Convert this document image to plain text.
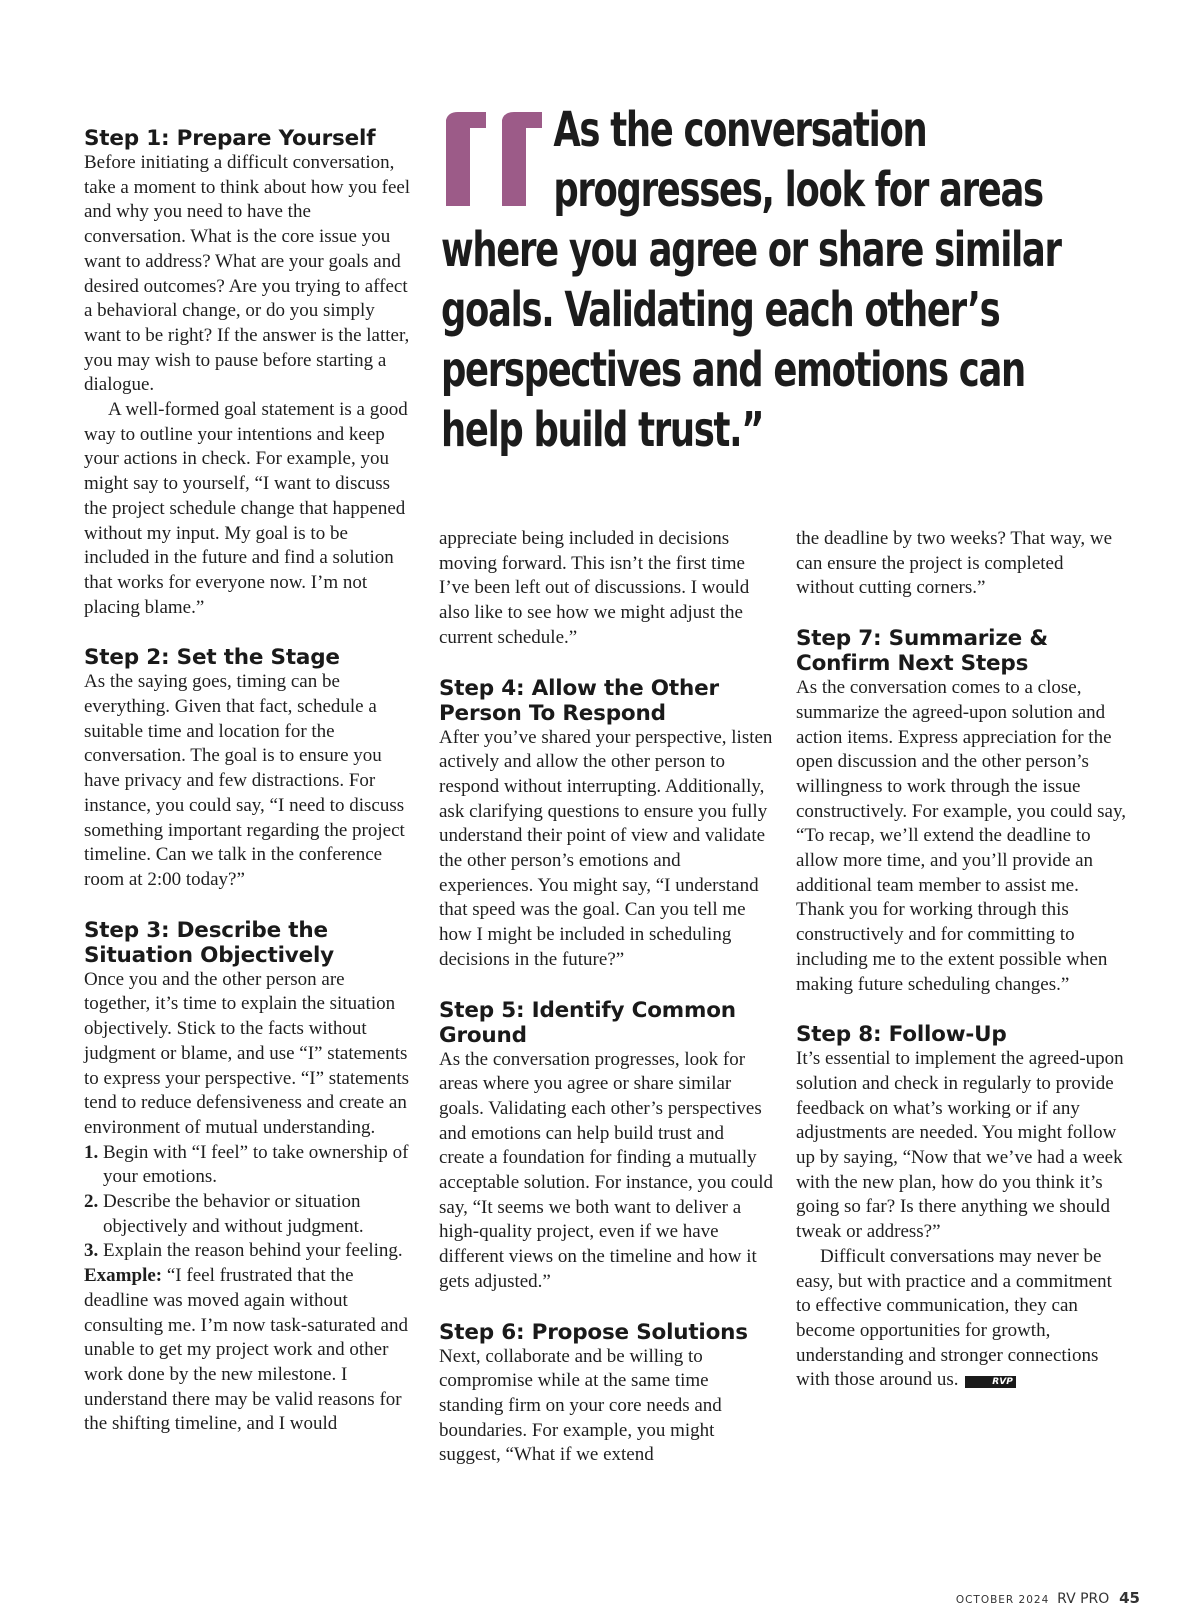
As the conversation
progresses, look for areas
where you agree or share similar
goals. Validating each other’s
perspectives and emotions can
help build trust.”
Step 1: Prepare Yourself

Before initiating a difficult conversation, take a moment to think about how you feel and why you need to have the conversation. What is the core issue you want to address? What are your goals and desired outcomes? Are you trying to affect a behavioral change, or do you simply want to be right? If the answer is the latter, you may wish to pause before starting a dialogue.

A well-formed goal statement is a good way to outline your intentions and keep your actions in check. For example, you might say to yourself, “I want to discuss the project schedule change that happened without my input. My goal is to be included in the future and find a solution that works for everyone now. I’m not placing blame.”

Step 2: Set the Stage

As the saying goes, timing can be everything. Given that fact, schedule a suitable time and location for the conversation. The goal is to ensure you have privacy and few distractions. For instance, you could say, “I need to discuss something important regarding the project timeline. Can we talk in the conference room at 2:00 today?”

Step 3: Describe the Situation Objectively

Once you and the other person are together, it’s time to explain the situation objectively. Stick to the facts without judgment or blame, and use “I” statements to express your perspective. “I” statements tend to reduce defensiveness and create an environment of mutual understanding.

1. Begin with “I feel” to take ownership of your emotions.
2. Describe the behavior or situation objectively and without judgment.
3. Explain the reason behind your feeling.

Example: “I feel frustrated that the deadline was moved again without consulting me. I’m now task-saturated and unable to get my project work and other work done by the new milestone. I understand there may be valid reasons for the shifting timeline, and I would

appreciate being included in decisions moving forward. This isn’t the first time I’ve been left out of discussions. I would also like to see how we might adjust the current schedule.”

Step 4: Allow the Other Person To Respond

After you’ve shared your perspective, listen actively and allow the other person to respond without interrupting. Additionally, ask clarifying questions to ensure you fully understand their point of view and validate the other person’s emotions and experiences. You might say, “I understand that speed was the goal. Can you tell me how I might be included in scheduling decisions in the future?”

Step 5: Identify Common Ground

As the conversation progresses, look for areas where you agree or share similar goals. Validating each other’s perspectives and emotions can help build trust and create a foundation for finding a mutually acceptable solution. For instance, you could say, “It seems we both want to deliver a high-quality project, even if we have different views on the timeline and how it gets adjusted.”

Step 6: Propose Solutions

Next, collaborate and be willing to compromise while at the same time standing firm on your core needs and boundaries. For example, you might suggest, “What if we extend

the deadline by two weeks? That way, we can ensure the project is completed without cutting corners.”

Step 7: Summarize & Confirm Next Steps

As the conversation comes to a close, summarize the agreed-upon solution and action items. Express appreciation for the open discussion and the other person’s willingness to work through the issue constructively. For example, you could say, “To recap, we’ll extend the deadline to allow more time, and you’ll provide an additional team member to assist me. Thank you for working through this constructively and for committing to including me to the extent possible when making future scheduling changes.”

Step 8: Follow-Up

It’s essential to implement the agreed-upon solution and check in regularly to provide feedback on what’s working or if any adjustments are needed. You might follow up by saying, “Now that we’ve had a week with the new plan, how do you think it’s going so far? Is there anything we should tweak or address?”

Difficult conversations may never be easy, but with practice and a commitment to effective communication, they can become opportunities for growth, understanding and stronger connections with those around us.	RVP

OCTOBER 2024 RV PRO 45
